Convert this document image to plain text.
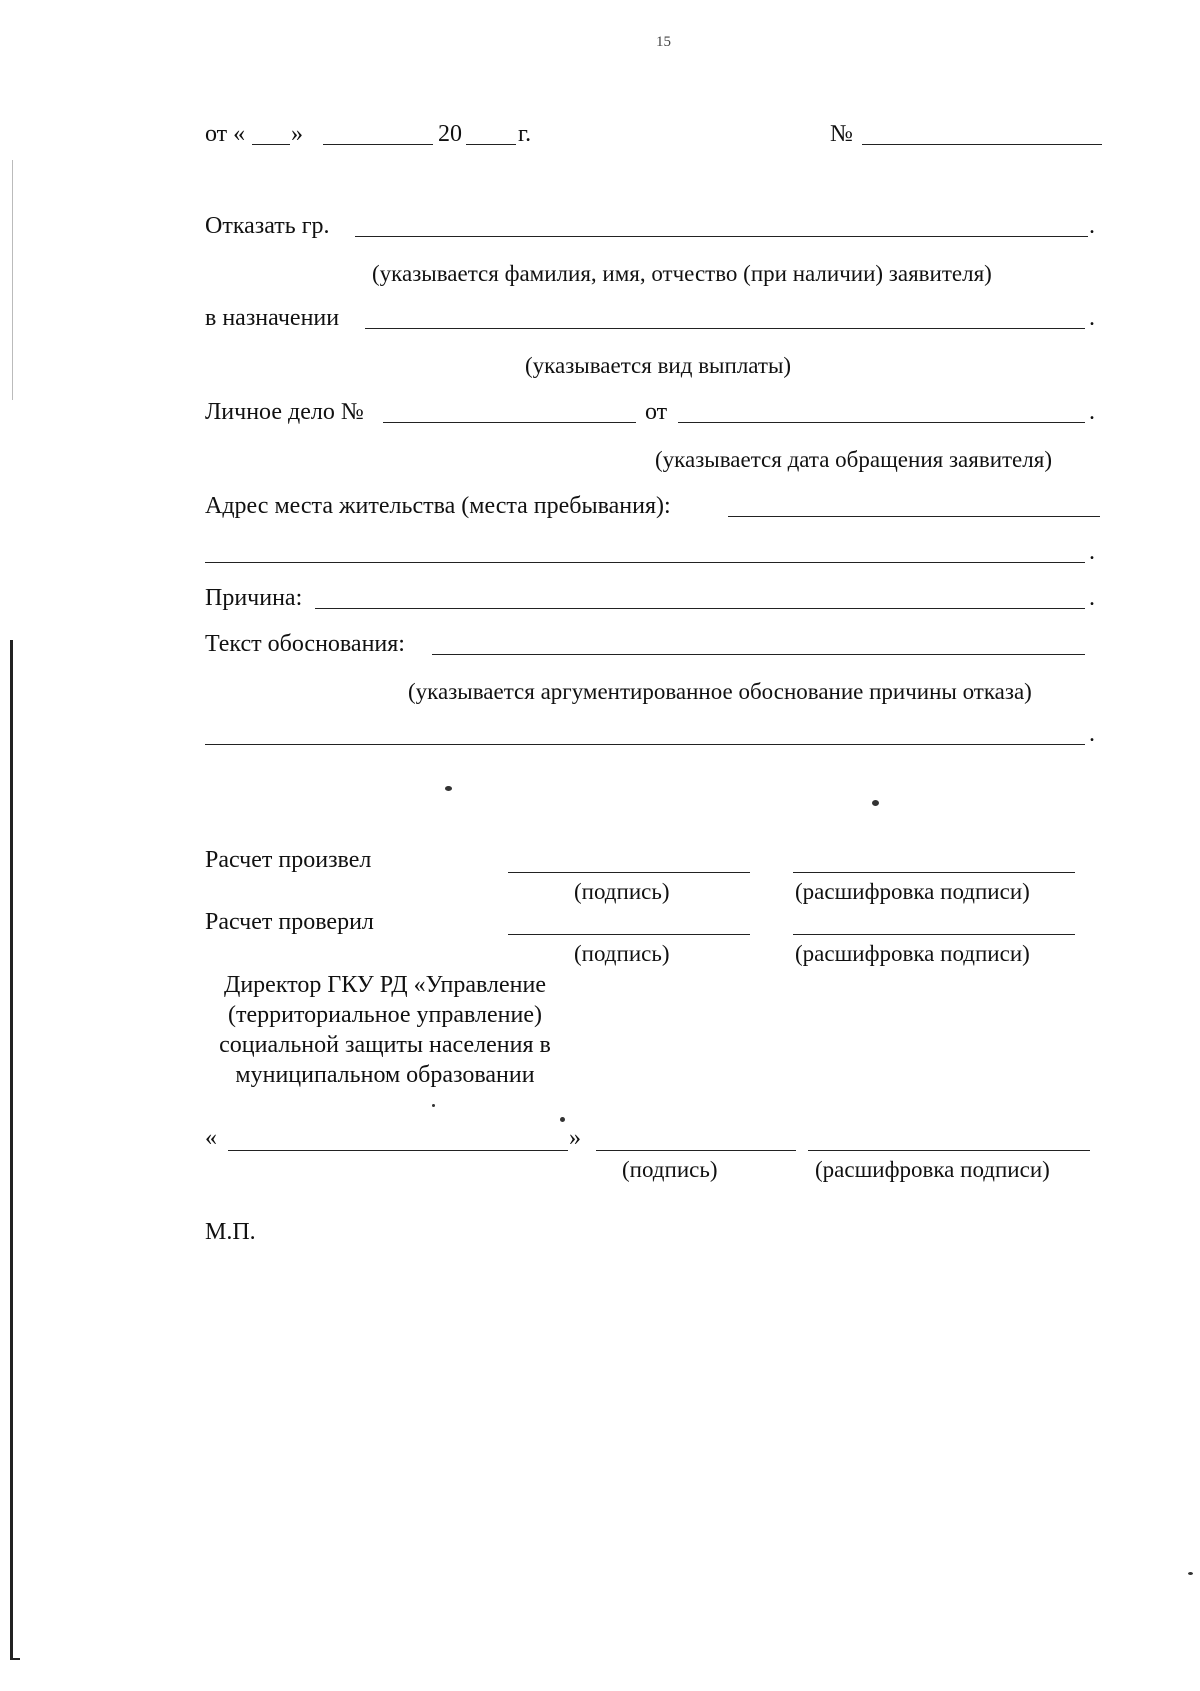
15
от « »	20 г.	№
Отказать гр.	.
(указывается фамилия, имя, отчество (при наличии) заявителя)
в назначении	.
(указывается вид выплаты)
Личное дело №	от	.
(указывается дата обращения заявителя)
Адрес места жительства (места пребывания):
.
Причина:	.
Текст обоснования:
(указывается аргументированное обоснование причины отказа)
.
Расчет произвел
(подпись)	(расшифровка подписи)
Расчет проверил
(подпись)	(расшифровка подписи)
Директор ГКУ РД «Управление (территориальное управление) социальной защиты населения в муниципальном образовании
«	»
(подпись)	(расшифровка подписи)
М.П.
